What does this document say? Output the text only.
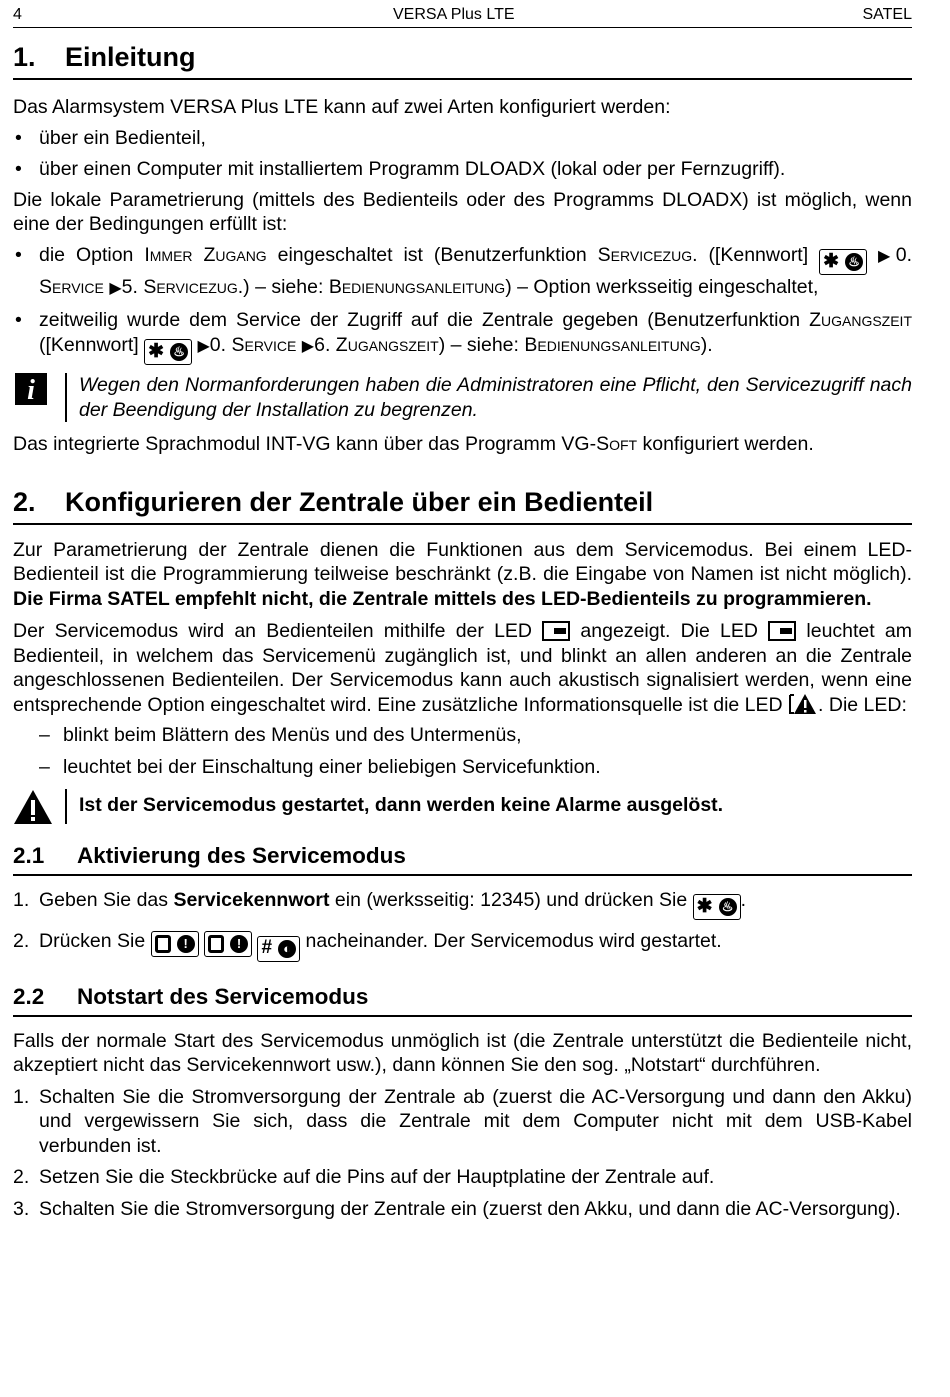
4	VERSA Plus LTE	SATEL
1.	Einleitung

Das Alarmsystem VERSA Plus LTE kann auf zwei Arten konfiguriert werden:

• über ein Bedienteil,
• über einen Computer mit installiertem Programm DLOADX (lokal oder per Fernzugriff).

Die lokale Parametrierung (mittels des Bedienteils oder des Programms DLOADX) ist möglich, wenn eine der Bedingungen erfüllt ist:

• die Option Immer Zugang eingeschaltet ist (Benutzerfunktion Servicezug. ([Kennwort] ✱ ♨ ▶0. Service ▶5. Servicezug.) – siehe: Bedienungsanleitung) – Option werksseitig eingeschaltet,
• zeitweilig wurde dem Service der Zugriff auf die Zentrale gegeben (Benutzerfunktion Zugangszeit ([Kennwort] ✱ ♨ ▶0. Service ▶6. Zugangszeit) – siehe: Bedienungsanleitung).
i	Wegen den Normanforderungen haben die Administratoren eine Pflicht, den Servicezugriff nach der Beendigung der Installation zu begrenzen.

Das integrierte Sprachmodul INT-VG kann über das Programm VG-Soft konfiguriert werden.

2.	Konfigurieren der Zentrale über ein Bedienteil

Zur Parametrierung der Zentrale dienen die Funktionen aus dem Servicemodus. Bei einem LED-Bedienteil ist die Programmierung teilweise beschränkt (z.B. die Eingabe von Namen ist nicht möglich). Die Firma SATEL empfehlt nicht, die Zentrale mittels des LED-Bedienteils zu programmieren.

Der Servicemodus wird an Bedienteilen mithilfe der LED  angezeigt. Die LED  leuchtet am Bedienteil, in welchem das Servicemenü zugänglich ist, und blinkt an allen anderen an die Zentrale angeschlossenen Bedienteilen. Der Servicemodus kann auch akustisch signalisiert werden, wenn eine entsprechende Option eingeschaltet wird. Eine zusätzliche Informationsquelle ist die LED . Die LED:

– blinkt beim Blättern des Menüs und des Untermenüs,
– leuchtet bei der Einschaltung einer beliebigen Servicefunktion.

Ist der Servicemodus gestartet, dann werden keine Alarme ausgelöst.

2.1	Aktivierung des Servicemodus
1. Geben Sie das Servicekennwort ein (werksseitig: 12345) und drücken Sie ✱ ♨ .
2. Drücken Sie	!
	!
	# ◐ nacheinander. Der Servicemodus wird gestartet.
2.2	Notstart des Servicemodus

Falls der normale Start des Servicemodus unmöglich ist (die Zentrale unterstützt die Bedienteile nicht, akzeptiert nicht das Servicekennwort usw.), dann können Sie den sog. „Notstart“ durchführen.

1. Schalten Sie die Stromversorgung der Zentrale ab (zuerst die AC-Versorgung und dann den Akku) und vergewissern Sie sich, dass die Zentrale mit dem Computer nicht mit dem USB-Kabel verbunden ist.
2. Setzen Sie die Steckbrücke auf die Pins auf der Hauptplatine der Zentrale auf.
3. Schalten Sie die Stromversorgung der Zentrale ein (zuerst den Akku, und dann die AC-Versorgung).
